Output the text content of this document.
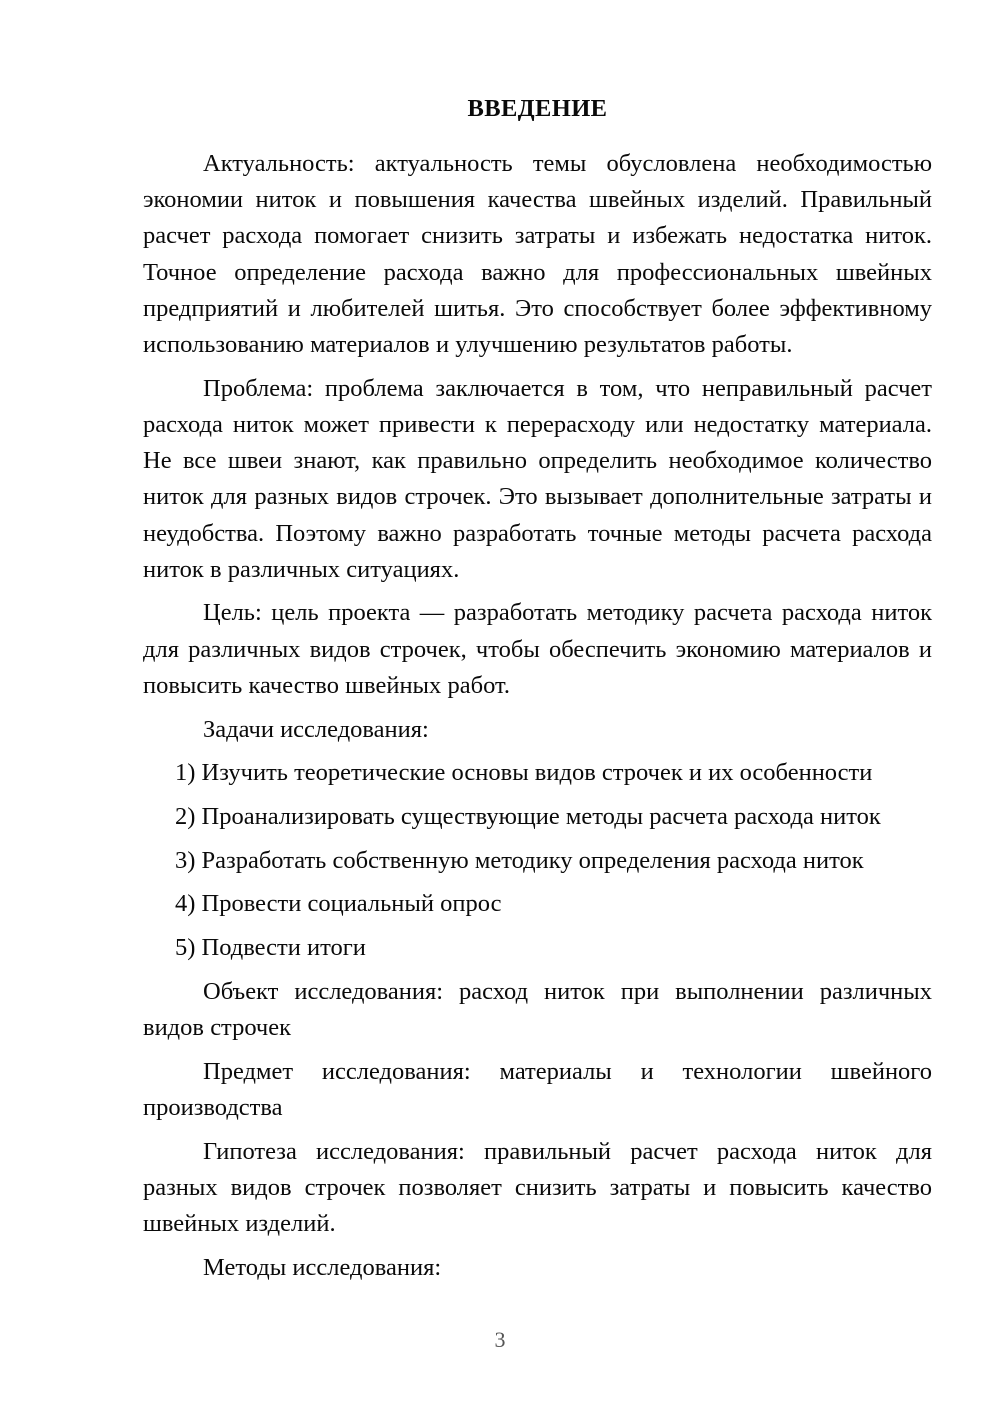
ВВЕДЕНИЕ

Актуальность: актуальность темы обусловлена необходимостью экономии ниток и повышения качества швейных изделий. Правильный расчет расхода помогает снизить затраты и избежать недостатка ниток. Точное определение расхода важно для профессиональных швейных предприятий и любителей шитья. Это способствует более эффективному использованию материалов и улучшению результатов работы.

Проблема: проблема заключается в том, что неправильный расчет расхода ниток может привести к перерасходу или недостатку материала. Не все швеи знают, как правильно определить необходимое количество ниток для разных видов строчек. Это вызывает дополнительные затраты и неудобства. Поэтому важно разработать точные методы расчета расхода ниток в различных ситуациях.

Цель: цель проекта — разработать методику расчета расхода ниток для различных видов строчек, чтобы обеспечить экономию материалов и повысить качество швейных работ.

Задачи исследования:

1) Изучить теоретические основы видов строчек и их особенности

2) Проанализировать существующие методы расчета расхода ниток

3) Разработать собственную методику определения расхода ниток

4) Провести социальный опрос

5) Подвести итоги

Объект исследования: расход ниток при выполнении различных видов строчек

Предмет исследования: материалы и технологии швейного производства

Гипотеза исследования: правильный расчет расхода ниток для разных видов строчек позволяет снизить затраты и повысить качество швейных изделий.

Методы исследования:

3
